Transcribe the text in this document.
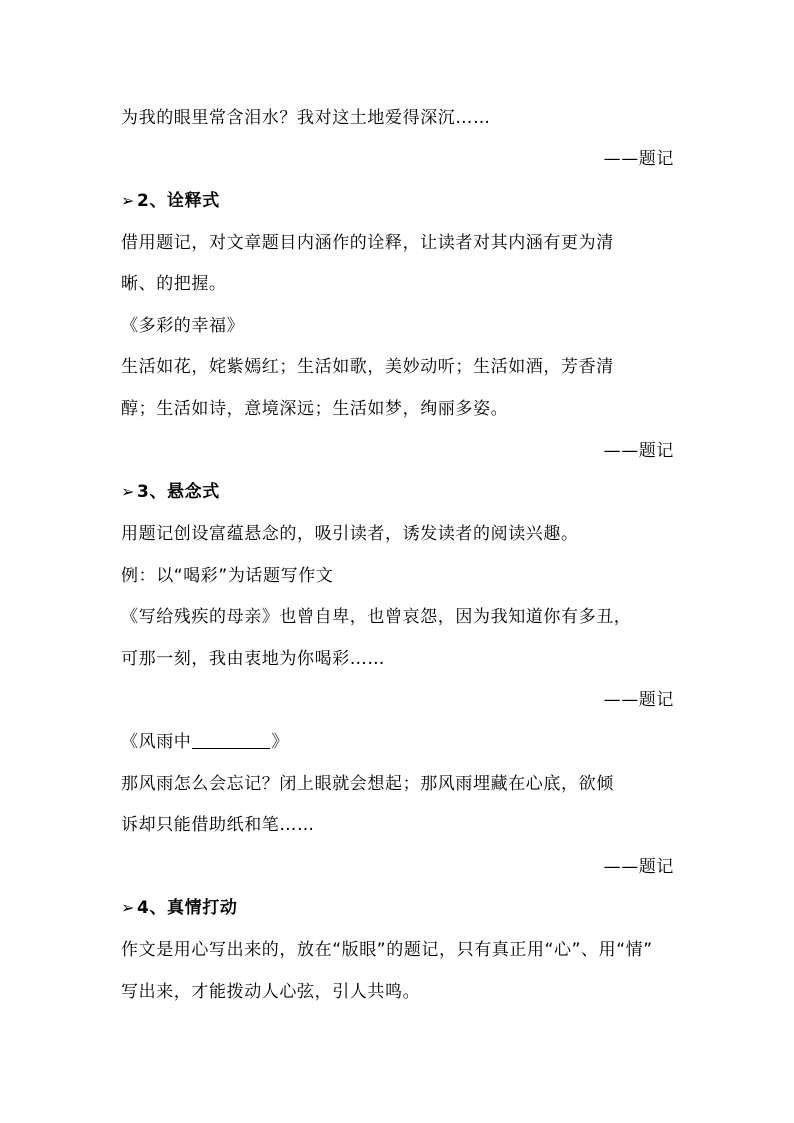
为我的眼里常含泪水？我对这土地爱得深沉……
——题记
➢ 2、诠释式
借用题记，对文章题目内涵作的诠释，让读者对其内涵有更为清
晰、的把握。
《多彩的幸福》
生活如花，姹紫嫣红；生活如歌，美妙动听；生活如酒，芳香清
醇；生活如诗，意境深远；生活如梦，绚丽多姿。
——题记
➢ 3、悬念式
用题记创设富蕴悬念的，吸引读者，诱发读者的阅读兴趣。
例：以“喝彩”为话题写作文
《写给残疾的母亲》也曾自卑，也曾哀怨，因为我知道你有多丑，
可那一刻，我由衷地为你喝彩……
——题记
《风雨中	》
那风雨怎么会忘记？闭上眼就会想起；那风雨埋藏在心底，欲倾
诉却只能借助纸和笔……
——题记
➢ 4、真情打动
作文是用心写出来的，放在“版眼”的题记，只有真正用“心”、用“情”
写出来，才能拨动人心弦，引人共鸣。
